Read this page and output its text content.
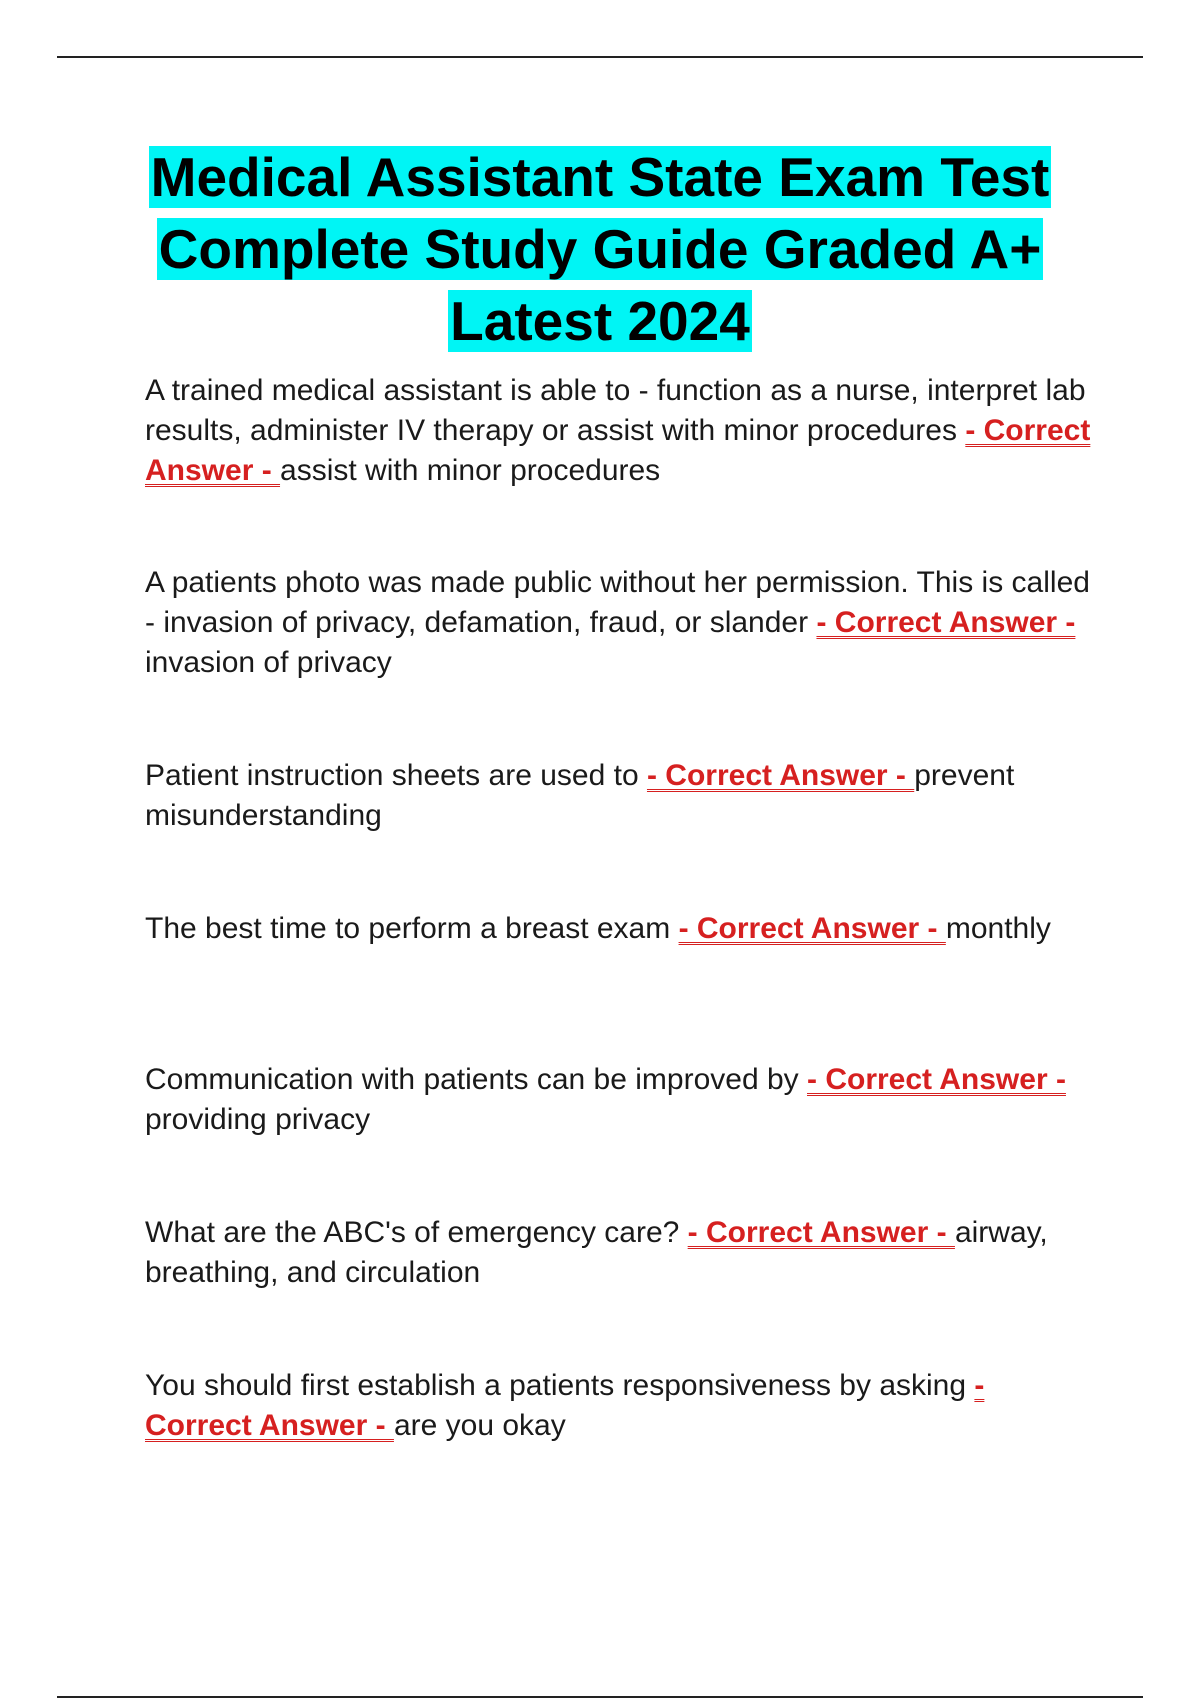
Medical Assistant State Exam Test Complete Study Guide Graded A+ Latest 2024

A trained medical assistant is able to - function as a nurse, interpret lab results, administer IV therapy or assist with minor procedures - Correct Answer - assist with minor procedures

A patients photo was made public without her permission. This is called - invasion of privacy, defamation, fraud, or slander - Correct Answer - invasion of privacy

Patient instruction sheets are used to - Correct Answer - prevent misunderstanding

The best time to perform a breast exam - Correct Answer - monthly

Communication with patients can be improved by - Correct Answer - providing privacy

What are the ABC's of emergency care? - Correct Answer - airway, breathing, and circulation

You should first establish a patients responsiveness by asking - Correct Answer - are you okay
